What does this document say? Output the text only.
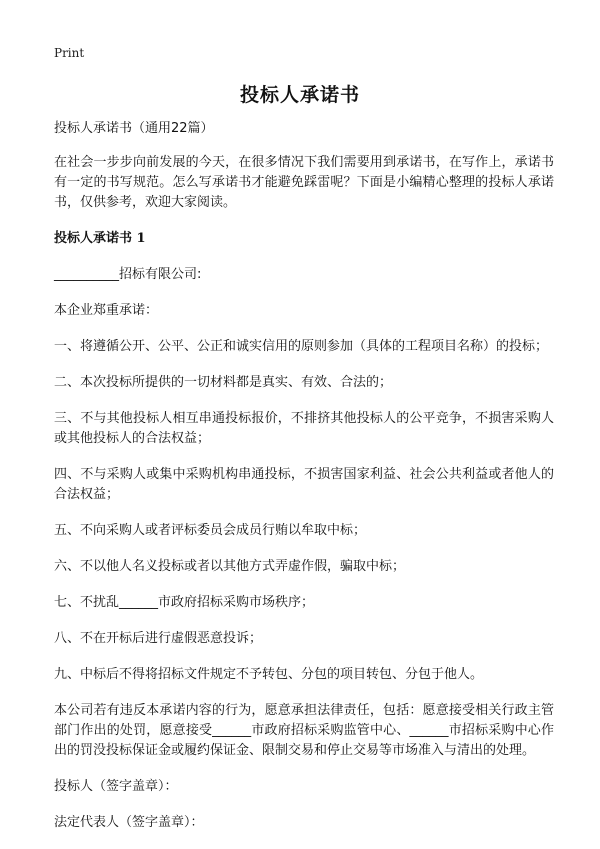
Print
投标人承诺书

投标人承诺书（通用22篇）

在社会一步步向前发展的今天，在很多情况下我们需要用到承诺书，在写作上，承诺书有一定的书写规范。怎么写承诺书才能避免踩雷呢？下面是小编精心整理的投标人承诺书，仅供参考，欢迎大家阅读。

投标人承诺书 1

__________招标有限公司:

本企业郑重承诺：

一、将遵循公开、公平、公正和诚实信用的原则参加（具体的工程项目名称）的投标；

二、本次投标所提供的一切材料都是真实、有效、合法的；

三、不与其他投标人相互串通投标报价，不排挤其他投标人的公平竞争，不损害采购人或其他投标人的合法权益；

四、不与采购人或集中采购机构串通投标，不损害国家利益、社会公共利益或者他人的合法权益；

五、不向采购人或者评标委员会成员行贿以牟取中标；

六、不以他人名义投标或者以其他方式弄虚作假，骗取中标；

七、不扰乱______市政府招标采购市场秩序；

八、不在开标后进行虚假恶意投诉；

九、中标后不得将招标文件规定不予转包、分包的项目转包、分包于他人。

本公司若有违反本承诺内容的行为，愿意承担法律责任，包括：愿意接受相关行政主管部门作出的处罚，愿意接受______市政府招标采购监管中心、______市招标采购中心作出的罚没投标保证金或履约保证金、限制交易和停止交易等市场准入与清出的处理。

投标人（签字盖章）：

法定代表人（签字盖章）：
